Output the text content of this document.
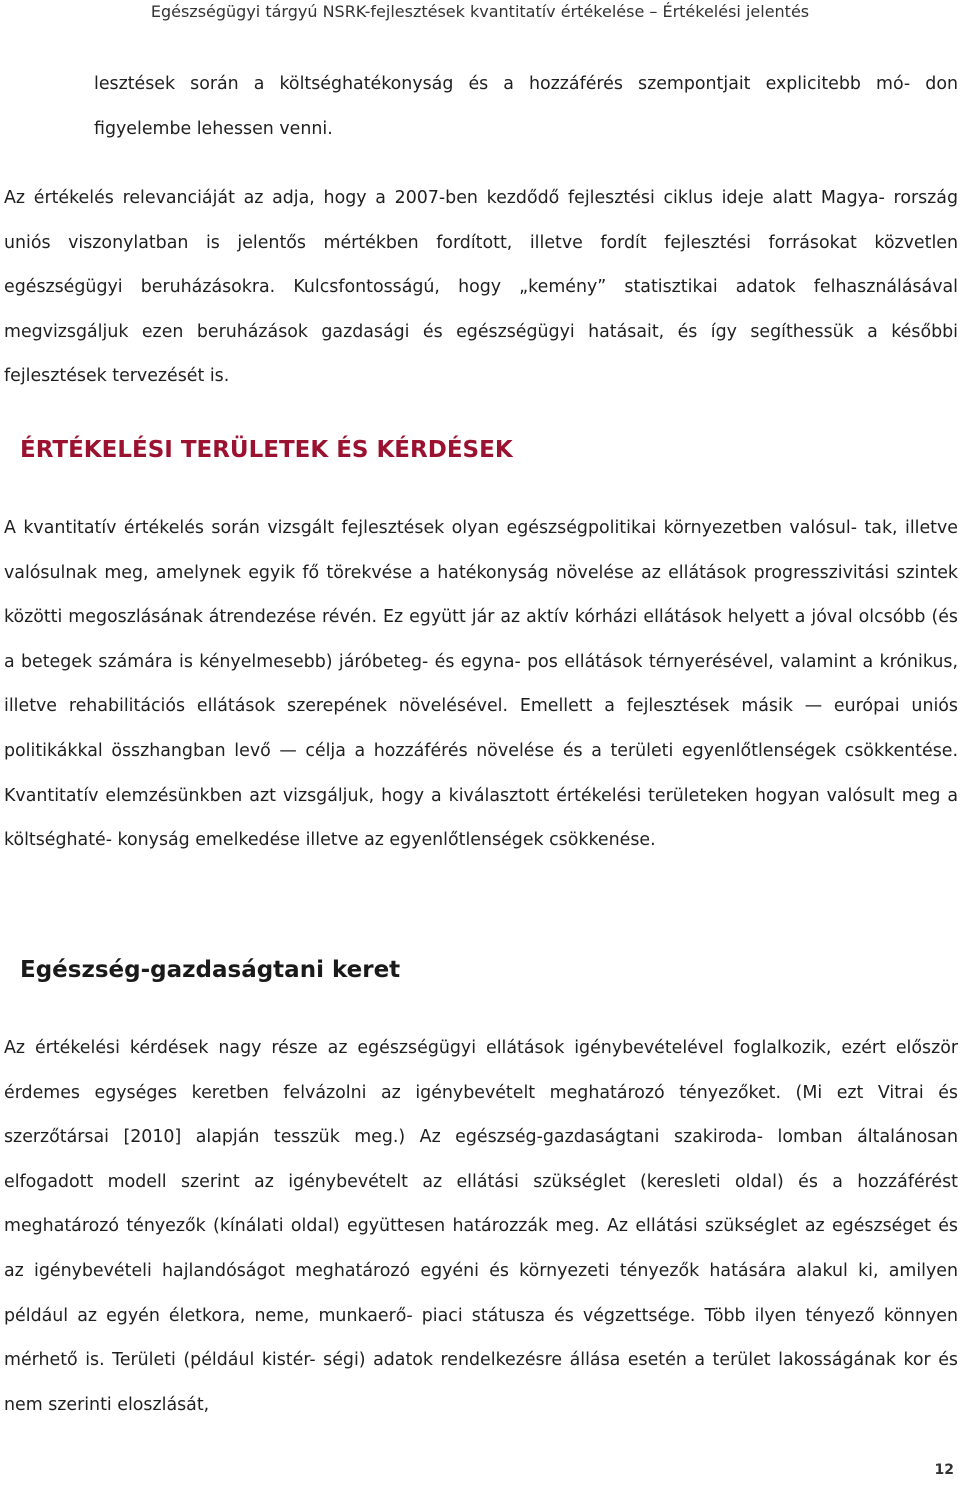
Egészségügyi tárgyú NSRK-fejlesztések kvantitatív értékelése – Értékelési jelentés

lesztések során a költséghatékonyság és a hozzáférés szempontjait explicitebb mó- don figyelembe lehessen venni.

Az értékelés relevanciáját az adja, hogy a 2007-ben kezdődő fejlesztési ciklus ideje alatt Magya- rország uniós viszonylatban is jelentős mértékben fordított, illetve fordít fejlesztési forrásokat közvetlen egészségügyi beruházásokra. Kulcsfontosságú, hogy „kemény” statisztikai adatok felhasználásával megvizsgáljuk ezen beruházások gazdasági és egészségügyi hatásait, és így segíthessük a későbbi fejlesztések tervezését is.

ÉRTÉKELÉSI TERÜLETEK ÉS KÉRDÉSEK

A kvantitatív értékelés során vizsgált fejlesztések olyan egészségpolitikai környezetben valósul- tak, illetve valósulnak meg, amelynek egyik fő törekvése a hatékonyság növelése az ellátások progresszivitási szintek közötti megoszlásának átrendezése révén. Ez együtt jár az aktív kórházi ellátások helyett a jóval olcsóbb (és a betegek számára is kényelmesebb) járóbeteg- és egyna- pos ellátások térnyerésével, valamint a krónikus, illetve rehabilitációs ellátások szerepének növelésével. Emellett a fejlesztések másik — európai uniós politikákkal összhangban levő — célja a hozzáférés növelése és a területi egyenlőtlenségek csökkentése. Kvantitatív elemzésünkben azt vizsgáljuk, hogy a kiválasztott értékelési területeken hogyan valósult meg a költséghaté- konyság emelkedése illetve az egyenlőtlenségek csökkenése.

Egészség-gazdaságtani keret

Az értékelési kérdések nagy része az egészségügyi ellátások igénybevételével foglalkozik, ezért először érdemes egységes keretben felvázolni az igénybevételt meghatározó tényezőket. (Mi ezt Vitrai és szerzőtársai [2010] alapján tesszük meg.) Az egészség-gazdaságtani szakiroda- lomban általánosan elfogadott modell szerint az igénybevételt az ellátási szükséglet (keresleti oldal) és a hozzáférést meghatározó tényezők (kínálati oldal) együttesen határozzák meg. Az ellátási szükséglet az egészséget és az igénybevételi hajlandóságot meghatározó egyéni és környezeti tényezők hatására alakul ki, amilyen például az egyén életkora, neme, munkaerő- piaci státusza és végzettsége. Több ilyen tényező könnyen mérhető is. Területi (például kistér- ségi) adatok rendelkezésre állása esetén a terület lakosságának kor és nem szerinti eloszlását,

12
